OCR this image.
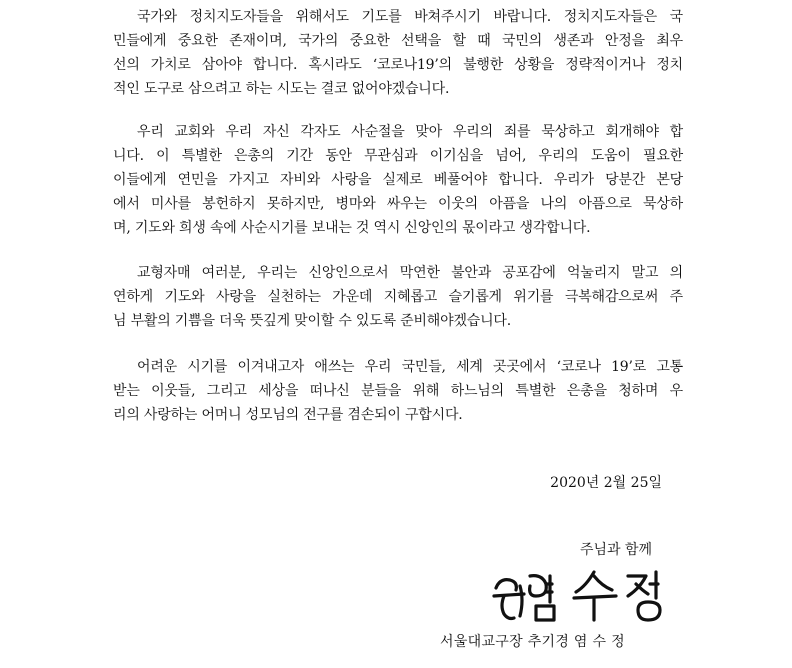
국가와 정치지도자들을 위해서도 기도를 바쳐주시기 바랍니다. 정치지도자들은 국
민들에게 중요한 존재이며, 국가의 중요한 선택을 할 때 국민의 생존과 안정을 최우
선의 가치로 삼아야 합니다. 혹시라도 ‘코로나19’의 불행한 상황을 정략적이거나 정치
적인 도구로 삼으려고 하는 시도는 결코 없어야겠습니다.
우리 교회와 우리 자신 각자도 사순절을 맞아 우리의 죄를 묵상하고 회개해야 합
니다. 이 특별한 은총의 기간 동안 무관심과 이기심을 넘어, 우리의 도움이 필요한
이들에게 연민을 가지고 자비와 사랑을 실제로 베풀어야 합니다. 우리가 당분간 본당
에서 미사를 봉헌하지 못하지만, 병마와 싸우는 이웃의 아픔을 나의 아픔으로 묵상하
며, 기도와 희생 속에 사순시기를 보내는 것 역시 신앙인의 몫이라고 생각합니다.
교형자매 여러분, 우리는 신앙인으로서 막연한 불안과 공포감에 억눌리지 말고 의
연하게 기도와 사랑을 실천하는 가운데 지혜롭고 슬기롭게 위기를 극복해감으로써 주
님 부활의 기쁨을 더욱 뜻깊게 맞이할 수 있도록 준비해야겠습니다.
어려운 시기를 이겨내고자 애쓰는 우리 국민들, 세계 곳곳에서 ‘코로나 19’로 고통
받는 이웃들, 그리고 세상을 떠나신 분들을 위해 하느님의 특별한 은총을 청하며 우
리의 사랑하는 어머니 성모님의 전구를 겸손되이 구합시다.
2020년 2월 25일
주님과 함께
서울대교구장 추기경 염 수 정
